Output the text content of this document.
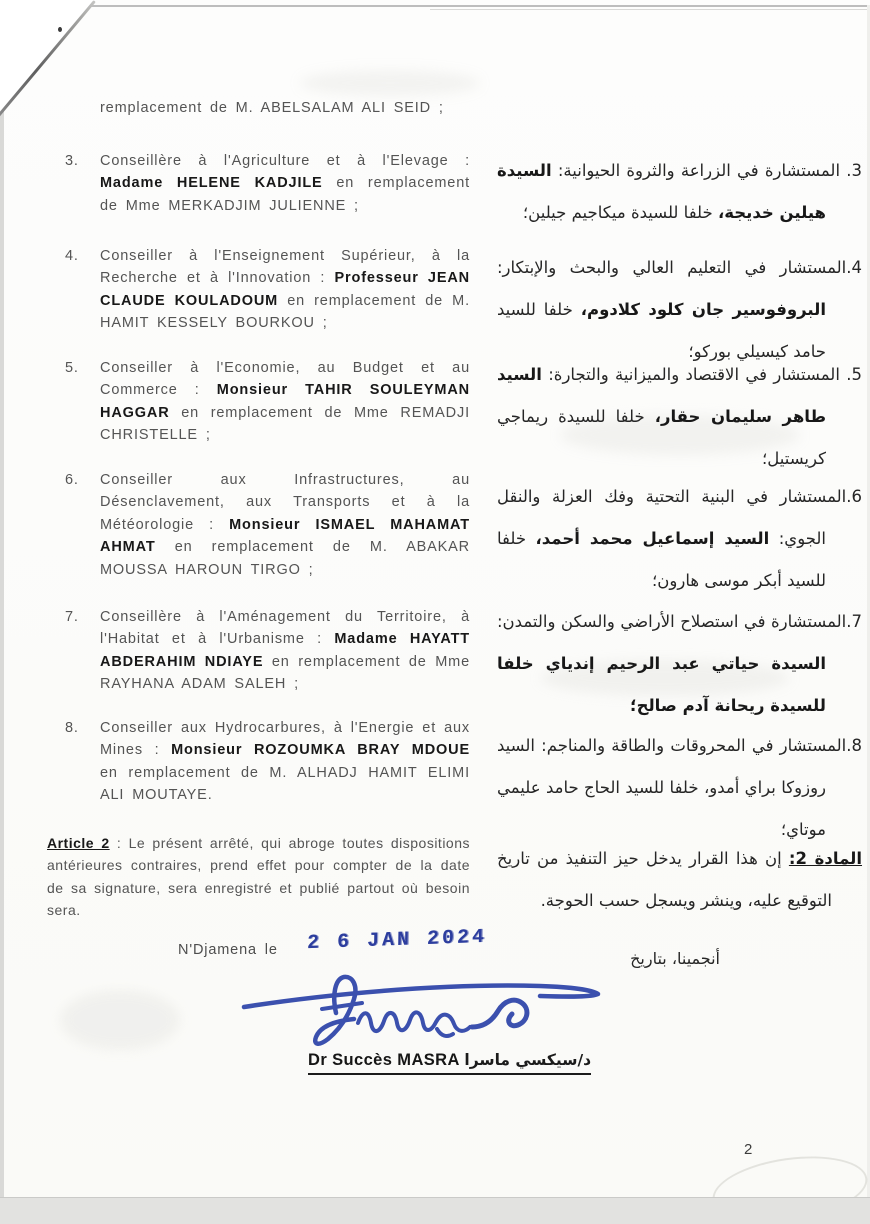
remplacement de M. ABELSALAM ALI SEID ;
3. Conseillère à l'Agriculture et à l'Elevage : Madame HELENE KADJILE en remplacement de Mme MERKADJIM JULIENNE ;
4. Conseiller à l'Enseignement Supérieur, à la Recherche et à l'Innovation : Professeur JEAN CLAUDE KOULADOUM en remplacement de M. HAMIT KESSELY BOURKOU ;
5. Conseiller à l'Economie, au Budget et au Commerce : Monsieur TAHIR SOULEYMAN HAGGAR en remplacement de Mme REMADJI CHRISTELLE ;
6. Conseiller aux Infrastructures, au Désenclavement, aux Transports et à la Météorologie : Monsieur ISMAEL MAHAMAT AHMAT en remplacement de M. ABAKAR MOUSSA HAROUN TIRGO ;
7. Conseillère à l'Aménagement du Territoire, à l'Habitat et à l'Urbanisme : Madame HAYATT ABDERAHIM NDIAYE en remplacement de Mme RAYHANA ADAM SALEH ;
8. Conseiller aux Hydrocarbures, à l'Energie et aux Mines : Monsieur ROZOUMKA BRAY MDOUE en remplacement de M. ALHADJ HAMIT ELIMI ALI MOUTAYE.
Article 2 : Le présent arrêté, qui abroge toutes dispositions antérieures contraires, prend effet pour compter de la date de sa signature, sera enregistré et publié partout où besoin sera.
N'Djamena le
3. المستشارة في الزراعة والثروة الحيوانية: السيدة هيلين خديجة، خلفا للسيدة ميكاجيم جيلين؛
4.المستشار في التعليم العالي والبحث والإبتكار: البروفوسير جان كلود كلادوم، خلفا للسيد حامد كيسيلي بوركو؛
5. المستشار في الاقتصاد والميزانية والتجارة: السيد طاهر سليمان حقار، خلفا للسيدة ريماجي كريستيل؛
6.المستشار في البنية التحتية وفك العزلة والنقل الجوي: السيد إسماعيل محمد أحمد، خلفا للسيد أبكر موسى هارون؛
7.المستشارة في استصلاح الأراضي والسكن والتمدن: السيدة حياتي عبد الرحيم إندياي خلفا للسيدة ريحانة آدم صالح؛
8.المستشار في المحروقات والطاقة والمناجم: السيد روزوكا براي أمدو، خلفا للسيد الحاج حامد عليمي موتاي؛
المادة 2: إن هذا القرار يدخل حيز التنفيذ من تاريخ التوقيع عليه، وينشر ويسجل حسب الحوجة.
أنجمينا، بتاريخ
2 6 JAN 2024
Dr Succès MASRA د/سيكسي ماسرا
2
